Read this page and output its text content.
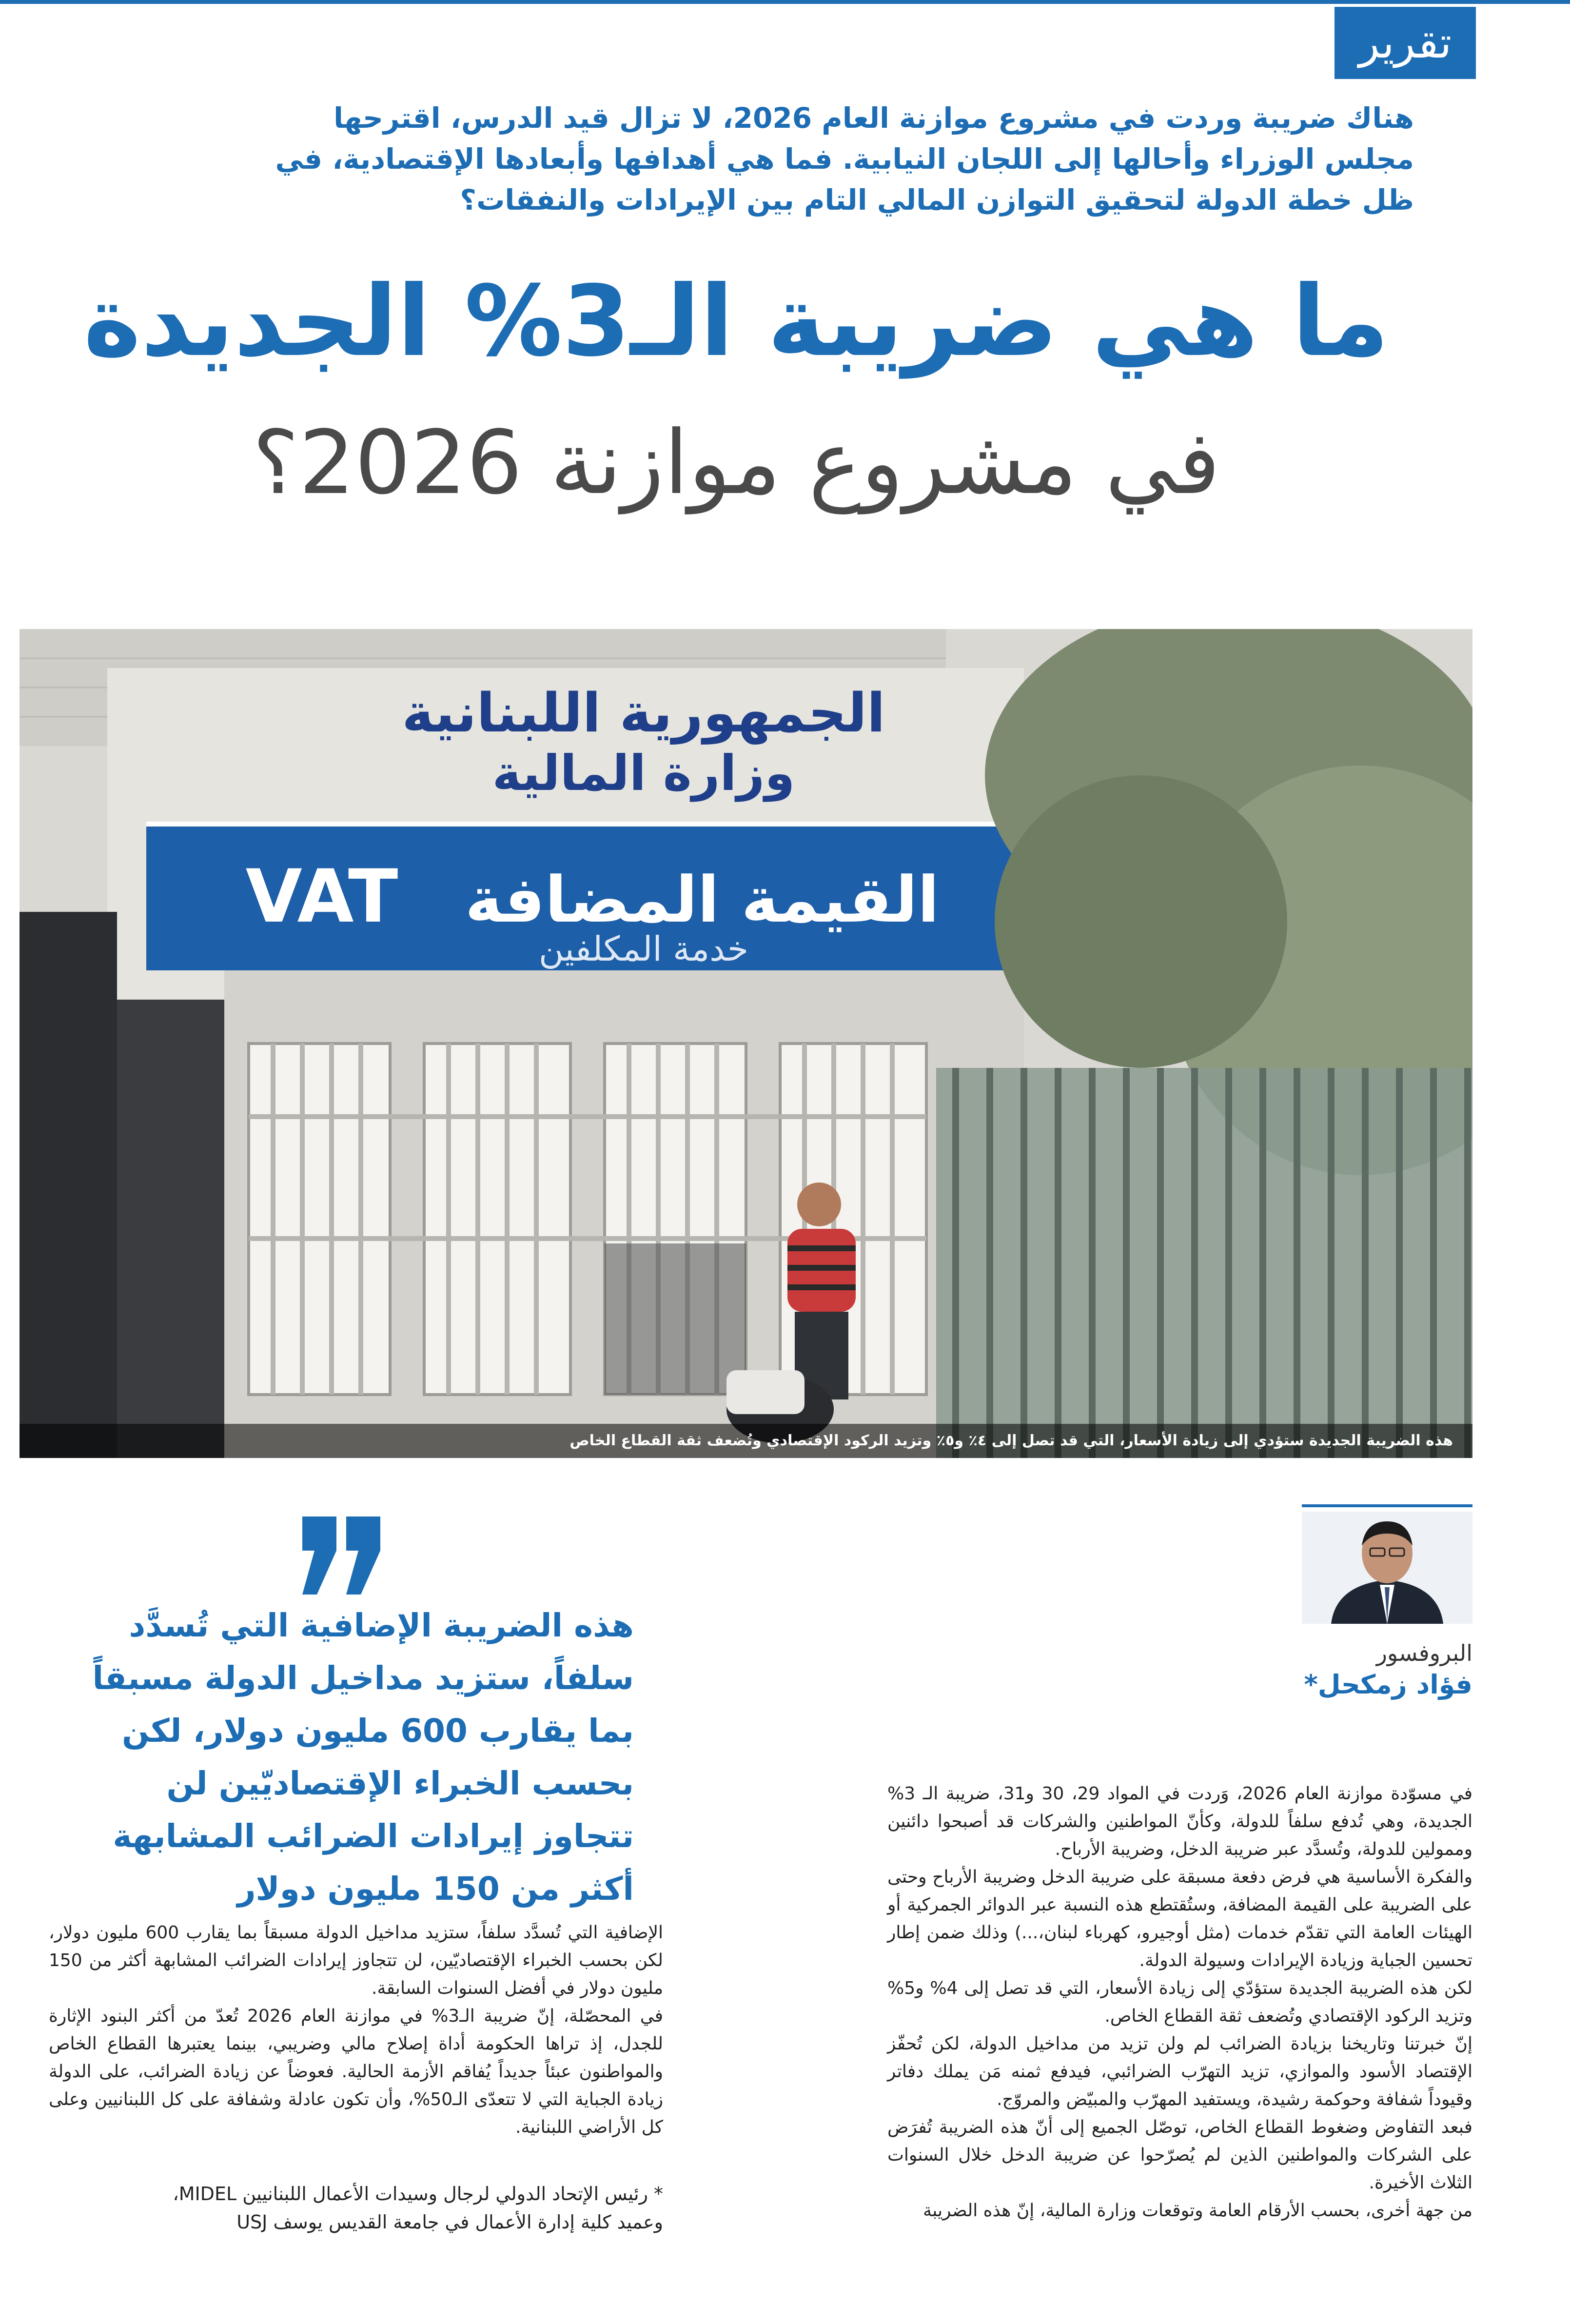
تقرير
هناك ضريبة وردت في مشروع موازنة العام 2026، لا تزال قيد الدرس، اقترحها مجلس الوزراء وأحالها إلى اللجان النيابية. فما هي أهدافها وأبعادها الإقتصادية، في ظل خطة الدولة لتحقيق التوازن المالي التام بين الإيرادات والنفقات؟
ما هي ضريبة الـ3% الجديدة
في مشروع موازنة 2026؟
VAT القيمة المضافة
الجمهورية اللبنانية
وزارة المالية
خدمة المكلفين
هذه الضريبة الجديدة ستؤدي إلى زيادة الأسعار، التي قد تصل إلى ٤٪ و٥٪ وتزيد الركود الإقتصادي وتُضعف ثقة القطاع الخاص
هذه الضريبة الإضافية التي تُسدَّد سلفاً، ستزيد مداخيل الدولة مسبقاً بما يقارب 600 مليون دولار، لكن بحسب الخبراء الإقتصاديّين لن تتجاوز إيرادات الضرائب المشابهة أكثر من 150 مليون دولار
البروفسور
فؤاد زمكحل*

في مسوّدة موازنة العام 2026، وَردت في المواد 29، 30 و31، ضريبة الـ 3% الجديدة، وهي تُدفع سلفاً للدولة، وكأنّ المواطنين والشركات قد أصبحوا دائنين وممولين للدولة، وتُسدَّد عبر ضريبة الدخل، وضريبة الأرباح.

والفكرة الأساسية هي فرض دفعة مسبقة على ضريبة الدخل وضريبة الأرباح وحتى على الضريبة على القيمة المضافة، وستُقتطع هذه النسبة عبر الدوائر الجمركية أو الهيئات العامة التي تقدّم خدمات (مثل أوجيرو، كهرباء لبنان،...) وذلك ضمن إطار تحسين الجباية وزيادة الإيرادات وسيولة الدولة.

لكن هذه الضريبة الجديدة ستؤدّي إلى زيادة الأسعار، التي قد تصل إلى 4% و5% وتزيد الركود الإقتصادي وتُضعف ثقة القطاع الخاص.

إنّ خبرتنا وتاريخنا بزيادة الضرائب لم ولن تزيد من مداخيل الدولة، لكن تُحفّز الإقتصاد الأسود والموازي، تزيد التهرّب الضرائبي، فيدفع ثمنه مَن يملك دفاتر وقيوداً شفافة وحوكمة رشيدة، ويستفيد المهرّب والمبيّض والمروّج.

فبعد التفاوض وضغوط القطاع الخاص، توصّل الجميع إلى أنّ هذه الضريبة تُفرَض على الشركات والمواطنين الذين لم يُصرّحوا عن ضريبة الدخل خلال السنوات الثلاث الأخيرة.

من جهة أخرى، بحسب الأرقام العامة وتوقعات وزارة المالية، إنّ هذه الضريبة

الإضافية التي تُسدَّد سلفاً، ستزيد مداخيل الدولة مسبقاً بما يقارب 600 مليون دولار، لكن بحسب الخبراء الإقتصاديّين، لن تتجاوز إيرادات الضرائب المشابهة أكثر من 150 مليون دولار في أفضل السنوات السابقة.

في المحصّلة، إنّ ضريبة الـ3% في موازنة العام 2026 تُعدّ من أكثر البنود الإثارة للجدل، إذ تراها الحكومة أداة إصلاح مالي وضريبي، بينما يعتبرها القطاع الخاص والمواطنون عبئاً جديداً يُفاقم الأزمة الحالية. فعوضاً عن زيادة الضرائب، على الدولة زيادة الجباية التي لا تتعدّى الـ50%، وأن تكون عادلة وشفافة على كل اللبنانيين وعلى كل الأراضي اللبنانية.

* رئيس الإتحاد الدولي لرجال وسيدات الأعمال اللبنانيين MIDEL،
وعميد كلية إدارة الأعمال في جامعة القديس يوسف USJ
